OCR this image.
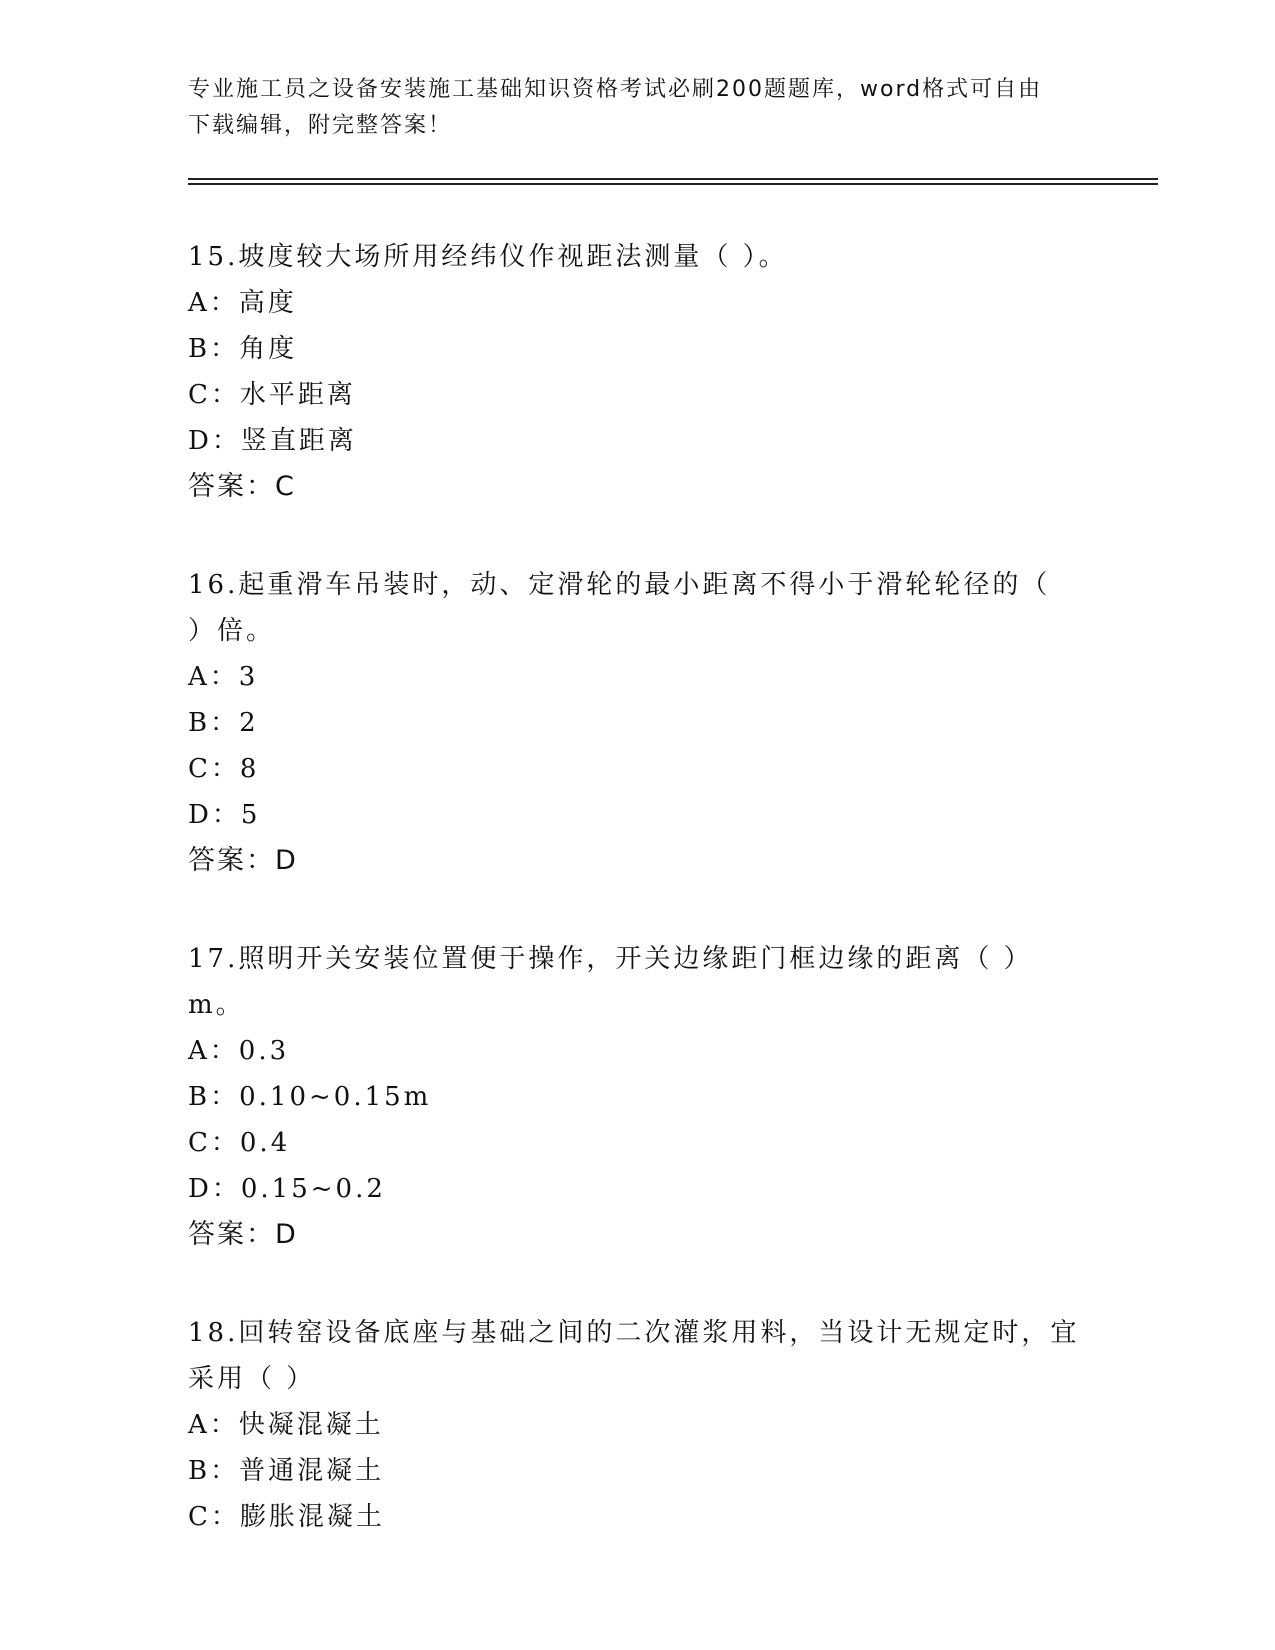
专业施工员之设备安装施工基础知识资格考试必刷200题题库，word格式可自由
下载编辑，附完整答案！
15.坡度较大场所用经纬仪作视距法测量（ ）。
A：高度
B：角度
C：水平距离
D：竖直距离
答案：C
16.起重滑车吊装时，动、定滑轮的最小距离不得小于滑轮轮径的（
）倍。
A：3
B：2
C：8
D：5
答案：D
17.照明开关安装位置便于操作，开关边缘距门框边缘的距离（ ）m。
A：0.3
B：0.10~0.15m
C：0.4
D：0.15~0.2
答案：D
18.回转窑设备底座与基础之间的二次灌浆用料，当设计无规定时，宜
采用（ ）
A：快凝混凝土
B：普通混凝土
C：膨胀混凝土
